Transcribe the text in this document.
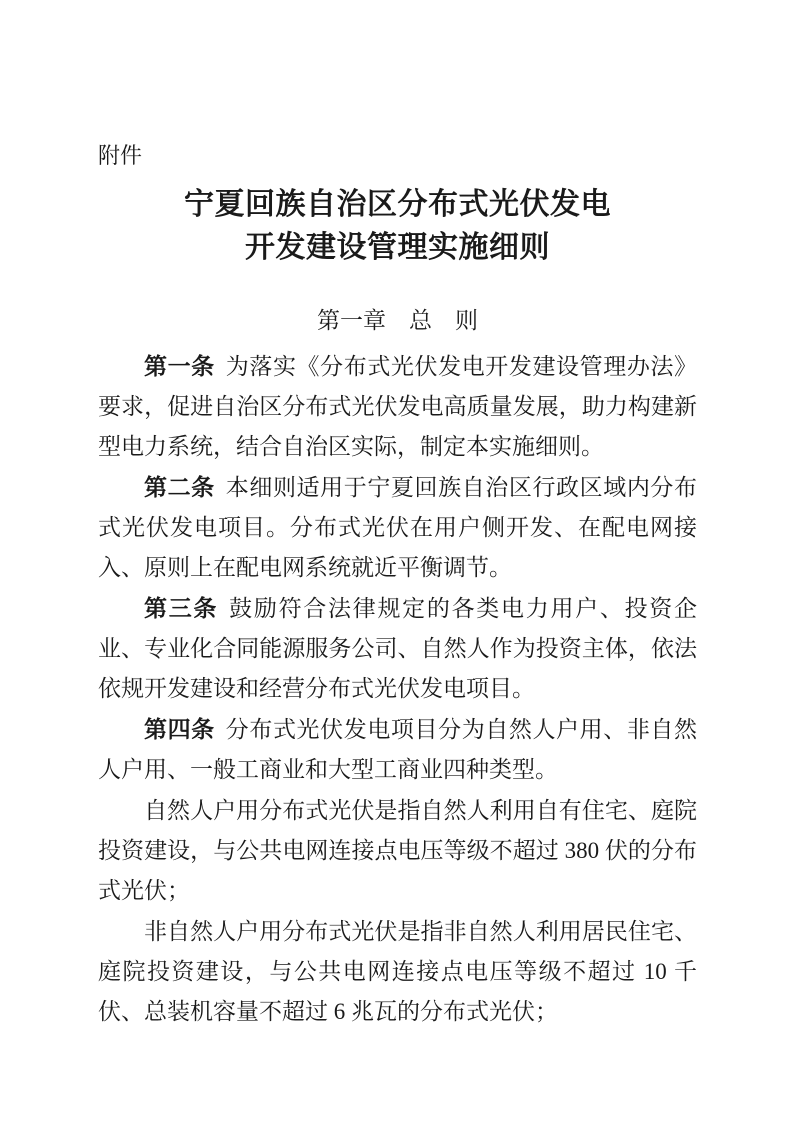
附件
宁夏回族自治区分布式光伏发电
开发建设管理实施细则
第一章　总　则

第一条 为落实《分布式光伏发电开发建设管理办法》要求，促进自治区分布式光伏发电高质量发展，助力构建新型电力系统，结合自治区实际，制定本实施细则。

第二条 本细则适用于宁夏回族自治区行政区域内分布式光伏发电项目。分布式光伏在用户侧开发、在配电网接入、原则上在配电网系统就近平衡调节。

第三条 鼓励符合法律规定的各类电力用户、投资企业、专业化合同能源服务公司、自然人作为投资主体，依法依规开发建设和经营分布式光伏发电项目。

第四条 分布式光伏发电项目分为自然人户用、非自然人户用、一般工商业和大型工商业四种类型。

自然人户用分布式光伏是指自然人利用自有住宅、庭院投资建设，与公共电网连接点电压等级不超过 380 伏的分布式光伏；

非自然人户用分布式光伏是指非自然人利用居民住宅、庭院投资建设，与公共电网连接点电压等级不超过 10 千伏、总装机容量不超过 6 兆瓦的分布式光伏；
